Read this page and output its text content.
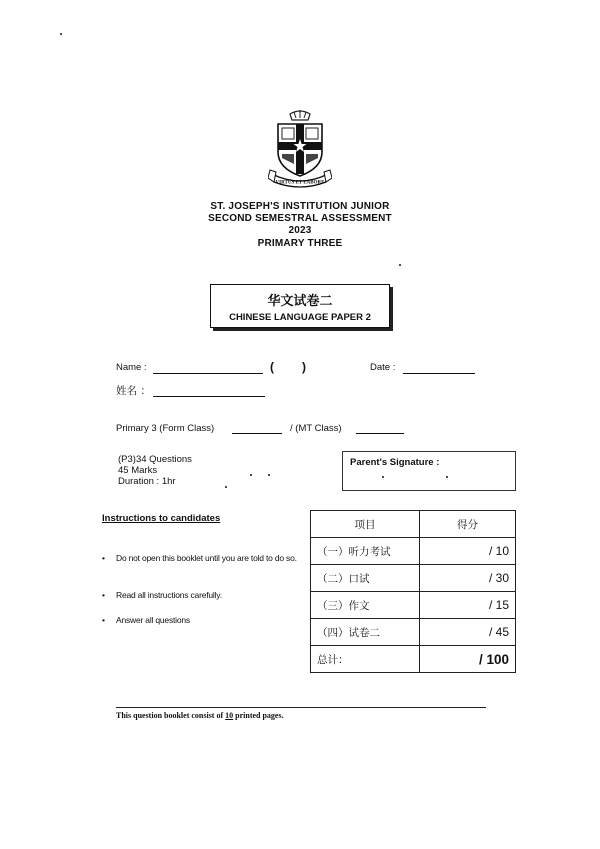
VIRTUS ET LABORE
ST. JOSEPH'S INSTITUTION JUNIOR
SECOND SEMESTRAL ASSESSMENT
2023
PRIMARY THREE
华文试卷二
CHINESE LANGUAGE PAPER 2
Name :	( )	Date :
姓名 ：
Primary 3 (Form Class)	/ (MT Class)
(P3)34 Questions
45 Marks
Duration : 1hr
Parent's Signature :
Instructions to candidates
• Do not open this booklet until you are told to do so.
• Read all instructions carefully.
• Answer all questions
项目	得分
（一）听力考试	/ 10
（二）口试	/ 30
（三）作文	/ 15
（四）试卷二	/ 45
总计：	/ 100
This question booklet consist of 10 printed pages.
